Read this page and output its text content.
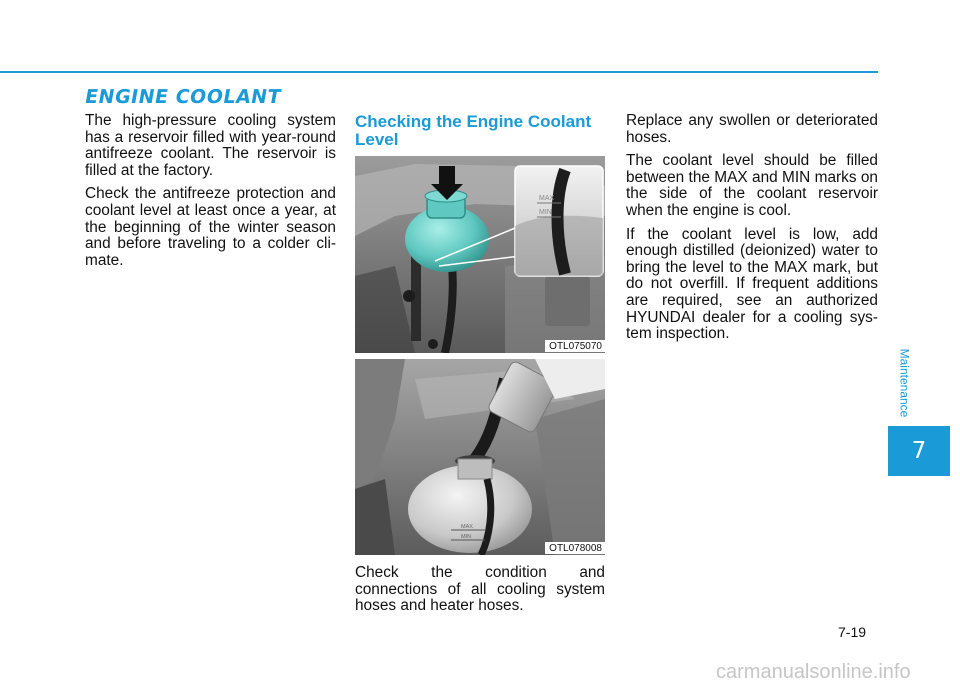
ENGINE COOLANT

The high-pressure cooling system has a reservoir filled with year-round antifreeze coolant. The reservoir is filled at the factory.

Check the antifreeze protection and coolant level at least once a year, at the beginning of the winter season and before traveling to a colder cli-mate.

Checking the Engine Coolant Level
MAX
MIN
OTL075070
MAX
MIN
OTL078008

Check the condition and connections of all cooling system hoses and heater hoses.

Replace any swollen or deteriorated hoses.

The coolant level should be filled between the MAX and MIN marks on the side of the coolant reservoir when the engine is cool.

If the coolant level is low, add enough distilled (deionized) water to bring the level to the MAX mark, but do not overfill. If frequent additions are required, see an authorized HYUNDAI dealer for a cooling sys-tem inspection.

Maintenance
7
7-19
carmanualsonline.info
